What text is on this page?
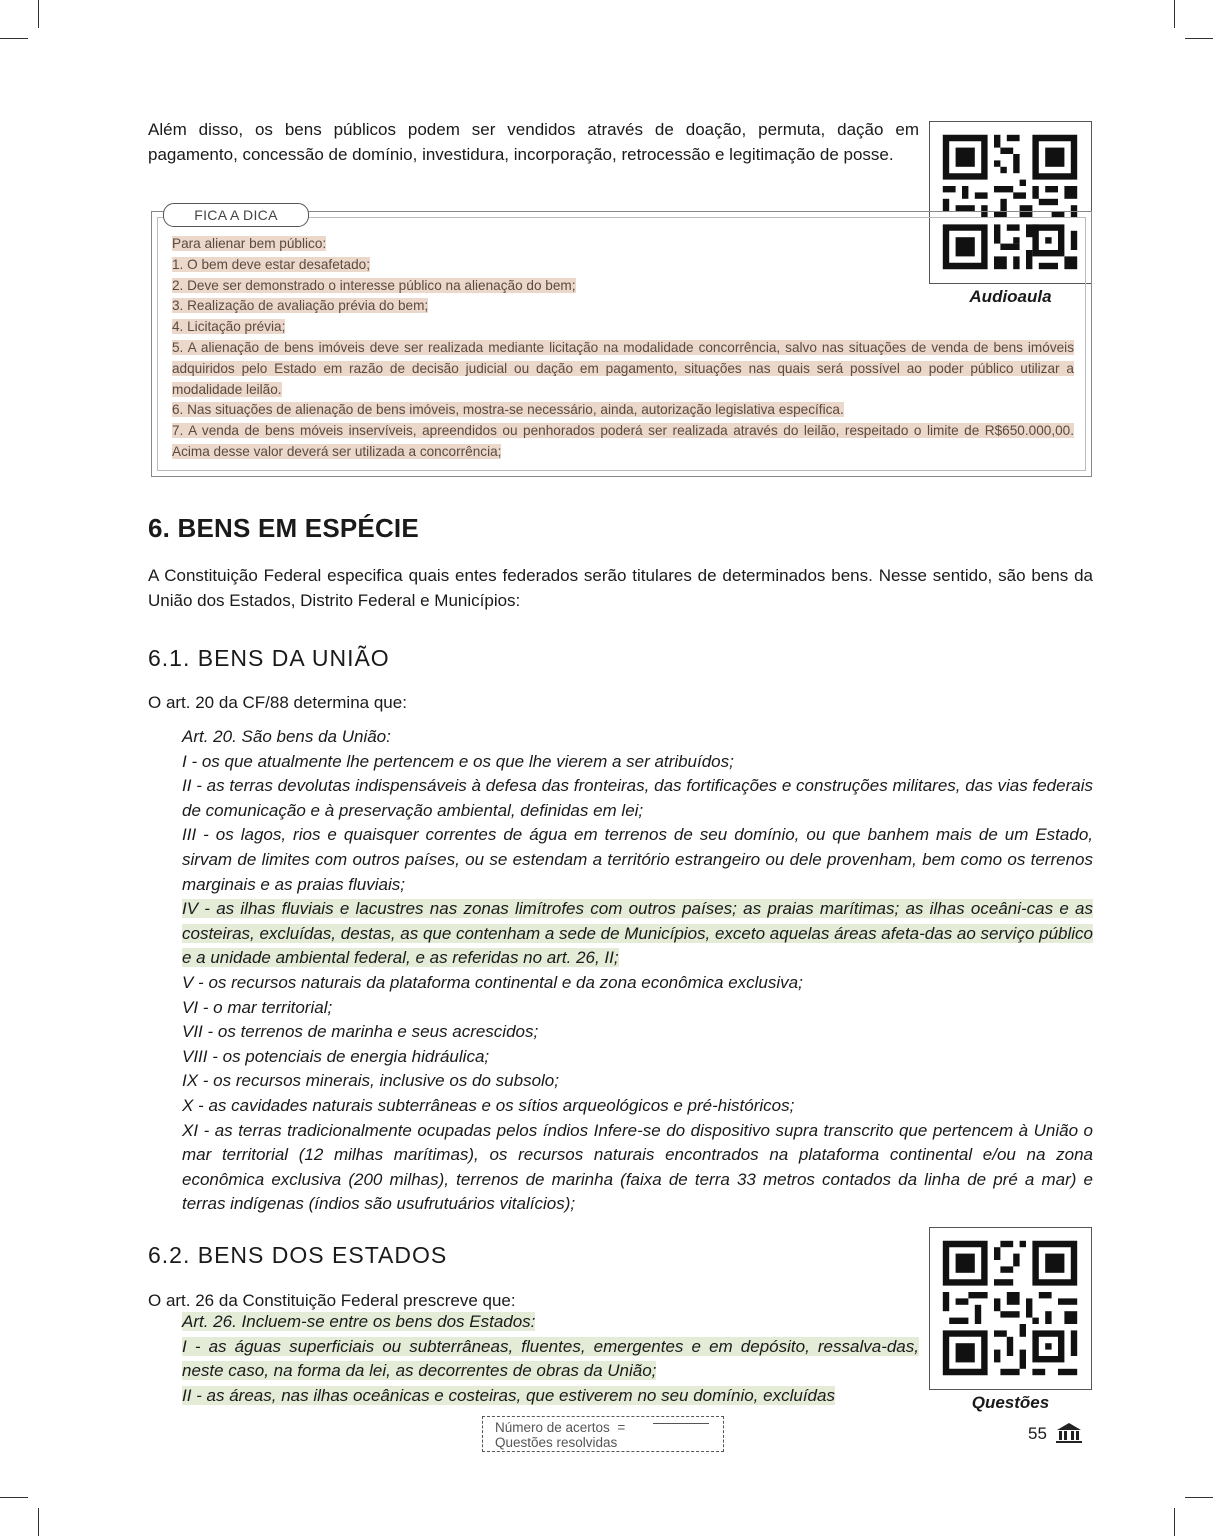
Além disso, os bens públicos podem ser vendidos através de doação, permuta, dação em pagamento, concessão de domínio, investidura, incorporação, retrocessão e legitimação de posse.
Audioaula
FICA A DICA
Para alienar bem público:
1. O bem deve estar desafetado;
2. Deve ser demonstrado o interesse público na alienação do bem;
3. Realização de avaliação prévia do bem;
4. Licitação prévia;
5. A alienação de bens imóveis deve ser realizada mediante licitação na modalidade concorrência, salvo nas situações de venda de bens imóveis adquiridos pelo Estado em razão de decisão judicial ou dação em pagamento, situações nas quais será possível ao poder público utilizar a modalidade leilão.
6. Nas situações de alienação de bens imóveis, mostra-se necessário, ainda, autorização legislativa específica.
7. A venda de bens móveis inservíveis, apreendidos ou penhorados poderá ser realizada através do leilão, respeitado o limite de R$650.000,00. Acima desse valor deverá ser utilizada a concorrência;
6. BENS EM ESPÉCIE
A Constituição Federal especifica quais entes federados serão titulares de determinados bens. Nesse sentido, são bens da União dos Estados, Distrito Federal e Municípios:
6.1. BENS DA UNIÃO
O art. 20 da CF/88 determina que:
Art. 20. São bens da União:
I - os que atualmente lhe pertencem e os que lhe vierem a ser atribuídos;
II - as terras devolutas indispensáveis à defesa das fronteiras, das fortificações e construções militares, das vias federais de comunicação e à preservação ambiental, definidas em lei;
III - os lagos, rios e quaisquer correntes de água em terrenos de seu domínio, ou que banhem mais de um Estado, sirvam de limites com outros países, ou se estendam a território estrangeiro ou dele provenham, bem como os terrenos marginais e as praias fluviais;
IV - as ilhas fluviais e lacustres nas zonas limítrofes com outros países; as praias marítimas; as ilhas oceâni-cas e as costeiras, excluídas, destas, as que contenham a sede de Municípios, exceto aquelas áreas afeta-das ao serviço público e a unidade ambiental federal, e as referidas no art. 26, II;
V - os recursos naturais da plataforma continental e da zona econômica exclusiva;
VI - o mar territorial;
VII - os terrenos de marinha e seus acrescidos;
VIII - os potenciais de energia hidráulica;
IX - os recursos minerais, inclusive os do subsolo;
X - as cavidades naturais subterrâneas e os sítios arqueológicos e pré-históricos;
XI - as terras tradicionalmente ocupadas pelos índios Infere-se do dispositivo supra transcrito que pertencem à União o mar territorial (12 milhas marítimas), os recursos naturais encontrados na plataforma continental e/ou na zona econômica exclusiva (200 milhas), terrenos de marinha (faixa de terra 33 metros contados da linha de pré a mar) e terras indígenas (índios são usufrutuários vitalícios);
6.2. BENS DOS ESTADOS
O art. 26 da Constituição Federal prescreve que:
Art. 26. Incluem-se entre os bens dos Estados:
I - as águas superficiais ou subterrâneas, fluentes, emergentes e em depósito, ressalva-das, neste caso, na forma da lei, as decorrentes de obras da União;
II - as áreas, nas ilhas oceânicas e costeiras, que estiverem no seu domínio, excluídas	Questões
Número de acertos =
Questões resolvidas	55
